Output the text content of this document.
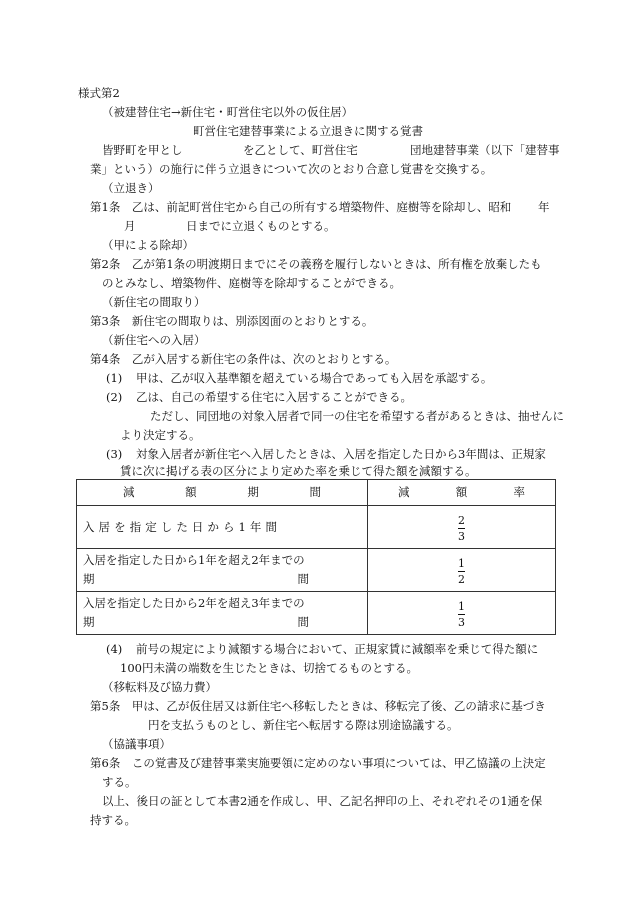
様式第2
（被建替住宅→新住宅・町営住宅以外の仮住居）
町営住宅建替事業による立退きに関する覚書
皆野町を甲とし	を乙として、町営住宅	団地建替事業（以下「建替事
業」という）の施行に伴う立退きについて次のとおり合意し覚書を交換する。
（立退き）
第1条　乙は、前記町営住宅から自己の所有する増築物件、庭樹等を除却し、昭和 年
月	日までに立退くものとする。
（甲による除却）
第2条　乙が第1条の明渡期日までにその義務を履行しないときは、所有権を放棄したも
のとみなし、増築物件、庭樹等を除却することができる。
（新住宅の間取り）
第3条　新住宅の間取りは、別添図面のとおりとする。
（新住宅への入居）
第4条　乙が入居する新住宅の条件は、次のとおりとする。
(1) 甲は、乙が収入基準額を超えている場合であっても入居を承認する。
(2) 乙は、自己の希望する住宅に入居することができる。
ただし、同団地の対象入居者で同一の住宅を希望する者があるときは、抽せんに
より決定する。
(3) 対象入居者が新住宅へ入居したときは、入居を指定した日から3年間は、正規家
賃に次に掲げる表の区分により定めた率を乗じて得た額を減額する。
減額期間	減額率
入居を指定した日から1年間	$\frac{2}{3}$

入居を指定した日から1年を超え2年までの期間	$\frac{1}{2}$

入居を指定した日から2年を超え3年までの期間	$\frac{1}{3}$
(4) 前号の規定により減額する場合において、正規家賃に減額率を乗じて得た額に
100円未満の端数を生じたときは、切捨てるものとする。
（移転料及び協力費）
第5条　甲は、乙が仮住居又は新住宅へ移転したときは、移転完了後、乙の請求に基づき
円を支払うものとし、新住宅へ転居する際は別途協議する。
（協議事項）
第6条　この覚書及び建替事業実施要領に定めのない事項については、甲乙協議の上決定
する。
以上、後日の証として本書2通を作成し、甲、乙記名押印の上、それぞれその1通を保
持する。
